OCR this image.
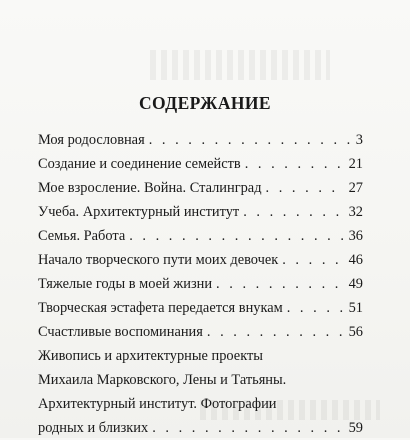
СОДЕРЖАНИЕ
Моя родословная . . .	3
Создание и соединение семейств . . .	21
Мое взросление. Война. Сталинград . . .	27
Учеба. Архитектурный институт . . .	32
Семья. Работа . . .	36
Начало творческого пути моих девочек . . .	46
Тяжелые годы в моей жизни . . .	49
Творческая эстафета передается внукам . . .	51
Счастливые воспоминания . . .	56
Живопись и архитектурные проекты
Михаила Марковского, Лены и Татьяны.
Архитектурный институт. Фотографии
родных и близких . . .	59
